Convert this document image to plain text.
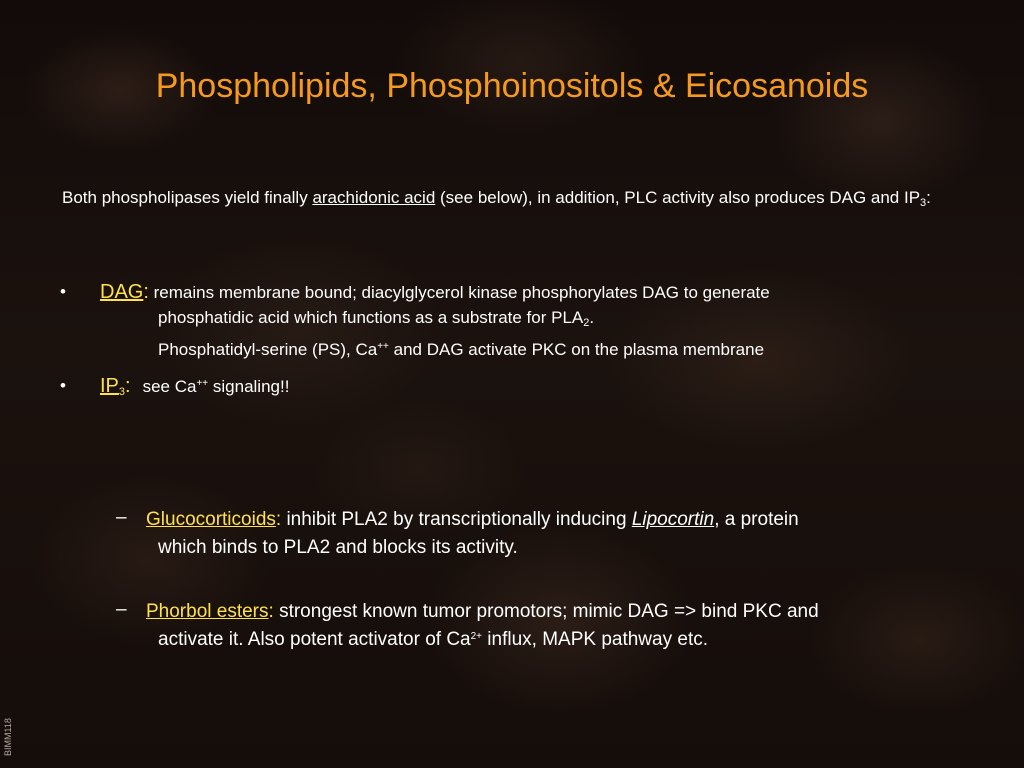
Phospholipids, Phosphoinositols & Eicosanoids
Both phospholipases yield finally arachidonic acid (see below), in addition, PLC activity also produces DAG and $IP_3$:
• DAG: remains membrane bound; diacylglycerol kinase phosphorylates DAG to generate
phosphatidic acid which functions as a substrate for $PLA_2$.
Phosphatidyl-serine (PS), Ca++ and DAG activate PKC on the plasma membrane
• $IP_3$: see Ca++ signaling!!
– Glucocorticoids: inhibit PLA2 by transcriptionally inducing Lipocortin, a protein
which binds to PLA2 and blocks its activity.
– Phorbol esters: strongest known tumor promotors; mimic DAG => bind PKC and
activate it. Also potent activator of $Ca^{2+}$ influx, MAPK pathway etc.
BIMM118
